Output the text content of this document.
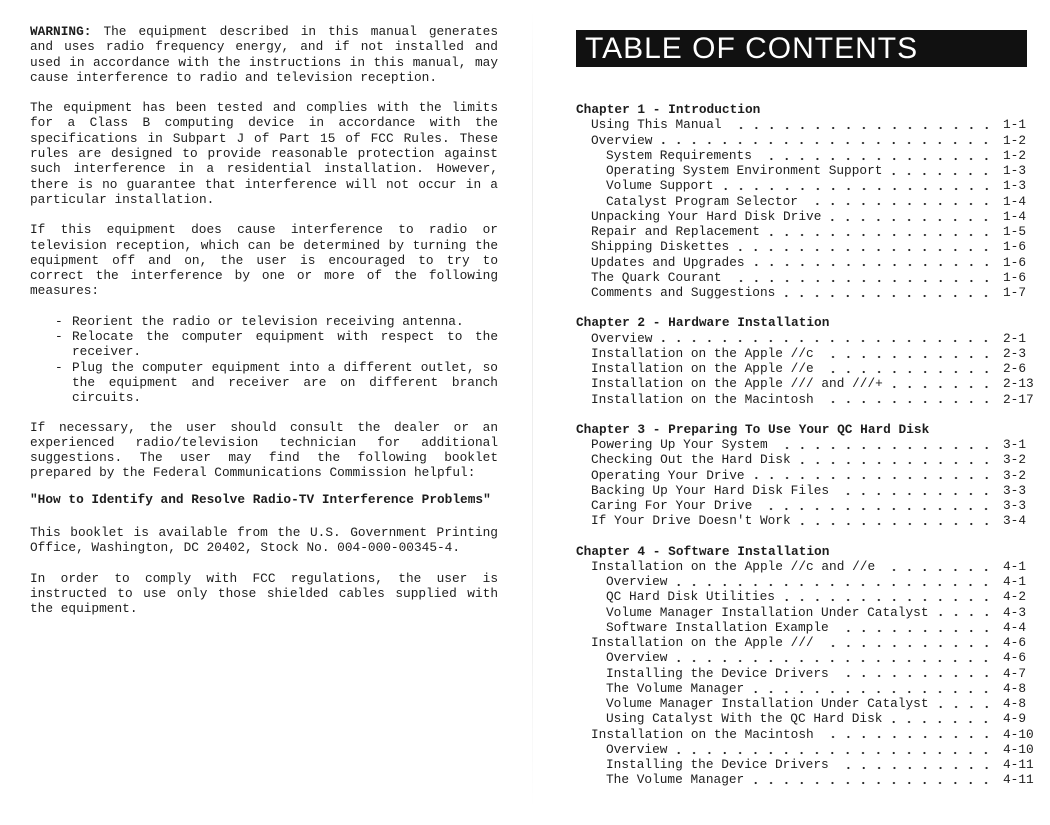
WARNING: The equipment described in this manual generates and uses radio frequency energy, and if not installed and used in accordance with the instructions in this manual, may cause interference to radio and television reception.

The equipment has been tested and complies with the limits for a Class B computing device in accordance with the specifications in Subpart J of Part 15 of FCC Rules. These rules are designed to provide reasonable protection against such interference in a residential installation. However, there is no guarantee that interference will not occur in a particular installation.

If this equipment does cause interference to radio or television reception, which can be determined by turning the equipment off and on, the user is encouraged to try to correct the interference by one or more of the following measures:

- Reorient the radio or television receiving antenna.
- Relocate the computer equipment with respect to the receiver.
- Plug the computer equipment into a different outlet, so the equipment and receiver are on different branch circuits.

If necessary, the user should consult the dealer or an experienced radio/television technician for additional suggestions. The user may find the following booklet prepared by the Federal Communications Commission helpful:

"How to Identify and Resolve Radio-TV Interference Problems"

This booklet is available from the U.S. Government Printing Office, Washington, DC 20402, Stock No. 004-000-00345-4.

In order to comply with FCC regulations, the user is instructed to use only those shielded cables supplied with the equipment.

TABLE OF CONTENTS
Chapter 1 - Introduction
Using This Manual	1-1
Overview	1-2
System Requirements	1-2
Operating System Environment Support	1-3
Volume Support	1-3
Catalyst Program Selector	1-4
Unpacking Your Hard Disk Drive	1-4
Repair and Replacement	1-5
Shipping Diskettes	1-6
Updates and Upgrades	1-6
The Quark Courant	1-6
Comments and Suggestions	1-7
Chapter 2 - Hardware Installation
Overview	2-1
Installation on the Apple //c	2-3
Installation on the Apple //e	2-6
Installation on the Apple /// and ///+	2-13
Installation on the Macintosh	2-17
Chapter 3 - Preparing To Use Your QC Hard Disk
Powering Up Your System	3-1
Checking Out the Hard Disk	3-2
Operating Your Drive	3-2
Backing Up Your Hard Disk Files	3-3
Caring For Your Drive	3-3
If Your Drive Doesn't Work	3-4
Chapter 4 - Software Installation
Installation on the Apple //c and //e	4-1
Overview	4-1
QC Hard Disk Utilities	4-2
Volume Manager Installation Under Catalyst	4-3
Software Installation Example	4-4
Installation on the Apple ///	4-6
Overview	4-6
Installing the Device Drivers	4-7
The Volume Manager	4-8
Volume Manager Installation Under Catalyst	4-8
Using Catalyst With the QC Hard Disk	4-9
Installation on the Macintosh	4-10
Overview	4-10
Installing the Device Drivers	4-11
The Volume Manager	4-11
